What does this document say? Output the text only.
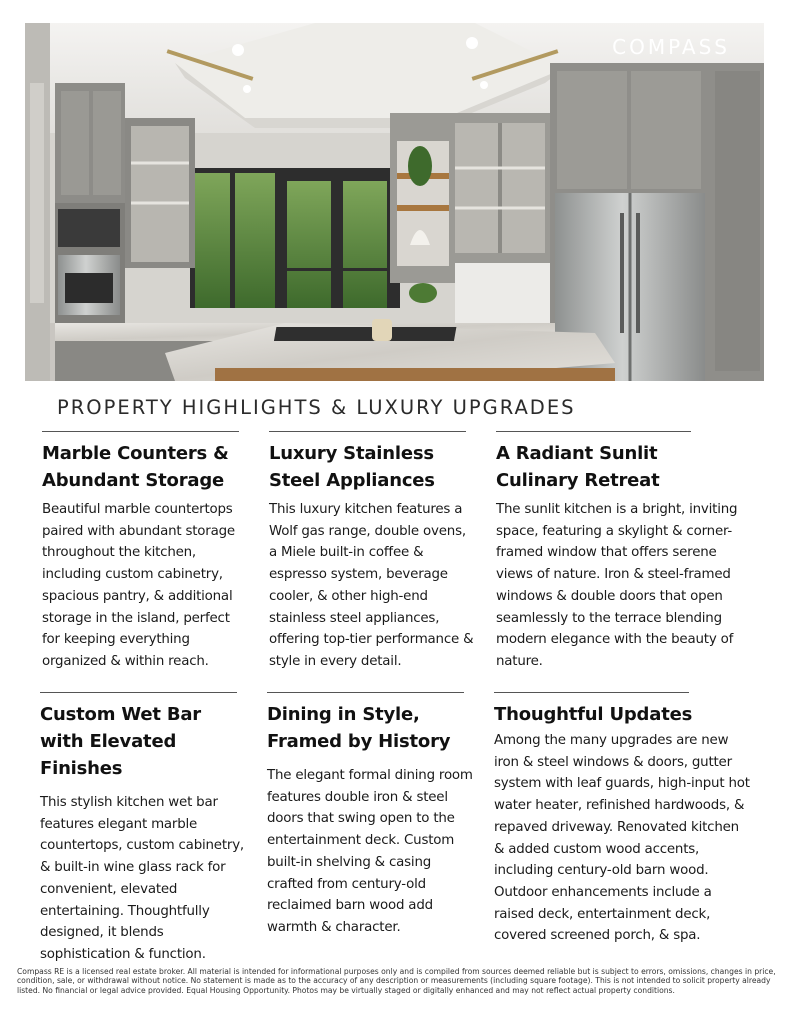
COMPASS
PROPERTY HIGHLIGHTS & LUXURY UPGRADES
Marble Counters & Abundant Storage

Beautiful marble countertops paired with abundant storage throughout the kitchen, including custom cabinetry, spacious pantry, & additional storage in the island, perfect for keeping everything organized & within reach.

Luxury Stainless Steel Appliances

This luxury kitchen features a Wolf gas range, double ovens, a Miele built-in coffee & espresso system, beverage cooler, & other high-end stainless steel appliances, offering top-tier performance & style in every detail.

A Radiant Sunlit Culinary Retreat

The sunlit kitchen is a bright, inviting space, featuring a skylight & corner-framed window that offers serene views of nature. Iron & steel-framed windows & double doors that open seamlessly to the terrace blending modern elegance with the beauty of nature.

Custom Wet Bar with Elevated Finishes

This stylish kitchen wet bar features elegant marble countertops, custom cabinetry, & built-in wine glass rack for convenient, elevated entertaining. Thoughtfully designed, it blends sophistication & function.

Dining in Style, Framed by History

The elegant formal dining room features double iron & steel doors that swing open to the entertainment deck. Custom built-in shelving & casing crafted from century-old reclaimed barn wood add warmth & character.

Thoughtful Updates

Among the many upgrades are new iron & steel windows & doors, gutter system with leaf guards, high-input hot water heater, refinished hardwoods, & repaved driveway. Renovated kitchen & added custom wood accents, including century-old barn wood. Outdoor enhancements include a raised deck, entertainment deck, covered screened porch, & spa.

Compass RE is a licensed real estate broker. All material is intended for informational purposes only and is compiled from sources deemed reliable but is subject to errors, omissions, changes in price, condition, sale, or withdrawal without notice. No statement is made as to the accuracy of any description or measurements (including square footage). This is not intended to solicit property already listed. No financial or legal advice provided. Equal Housing Opportunity. Photos may be virtually staged or digitally enhanced and may not reflect actual property conditions.
